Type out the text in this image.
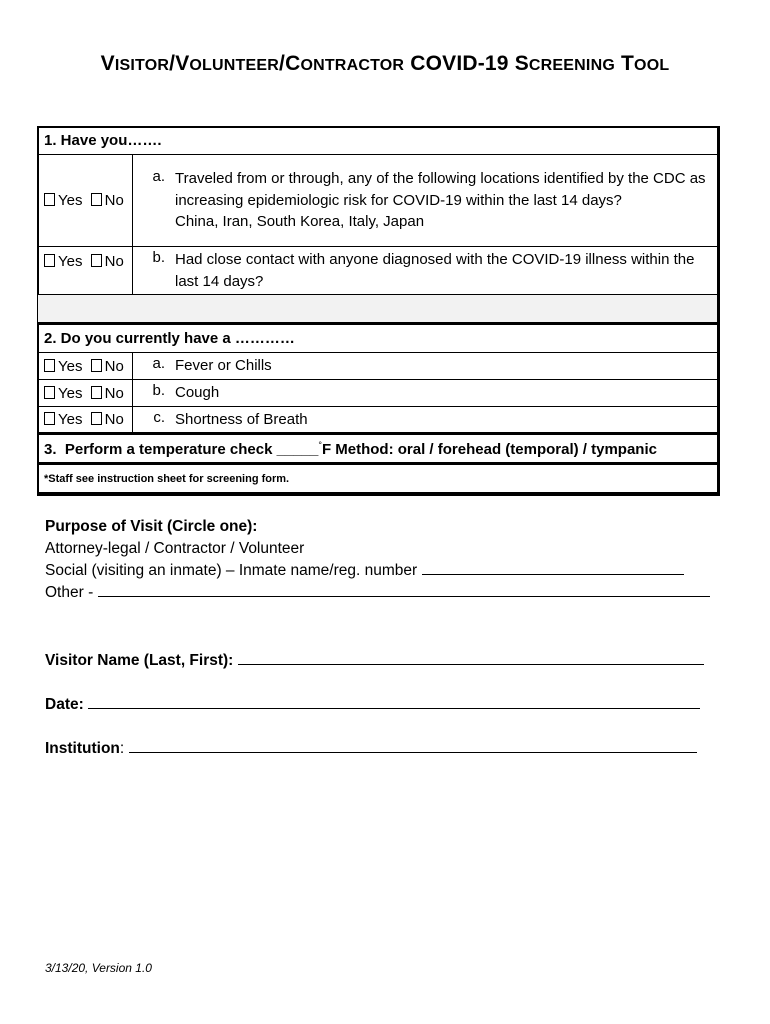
VISITOR/VOLUNTEER/CONTRACTOR COVID-19 SCREENING TOOL
1. Have you…….	
Yes No	a. Traveled from or through, any of the following locations identified by the CDC as increasing epidemiologic risk for COVID-19 within the last 14 days?
China, Iran, South Korea, Italy, Japan

Yes No	b. Had close contact with anyone diagnosed with the COVID-19 illness within the last 14 days?

2. Do you currently have a …………	
Yes No	a. Fever or Chills

Yes No	b. Cough

Yes No	c. Shortness of Breath

3.  Perform a temperature check _____°F Method: oral / forehead (temporal) / tympanic	
*Staff see instruction sheet for screening form.	
Purpose of Visit (Circle one):
Attorney-legal / Contractor / Volunteer
Social (visiting an inmate) – Inmate name/reg. number
Other -
Visitor Name (Last, First):
Date:
Institution:
3/13/20, Version 1.0
